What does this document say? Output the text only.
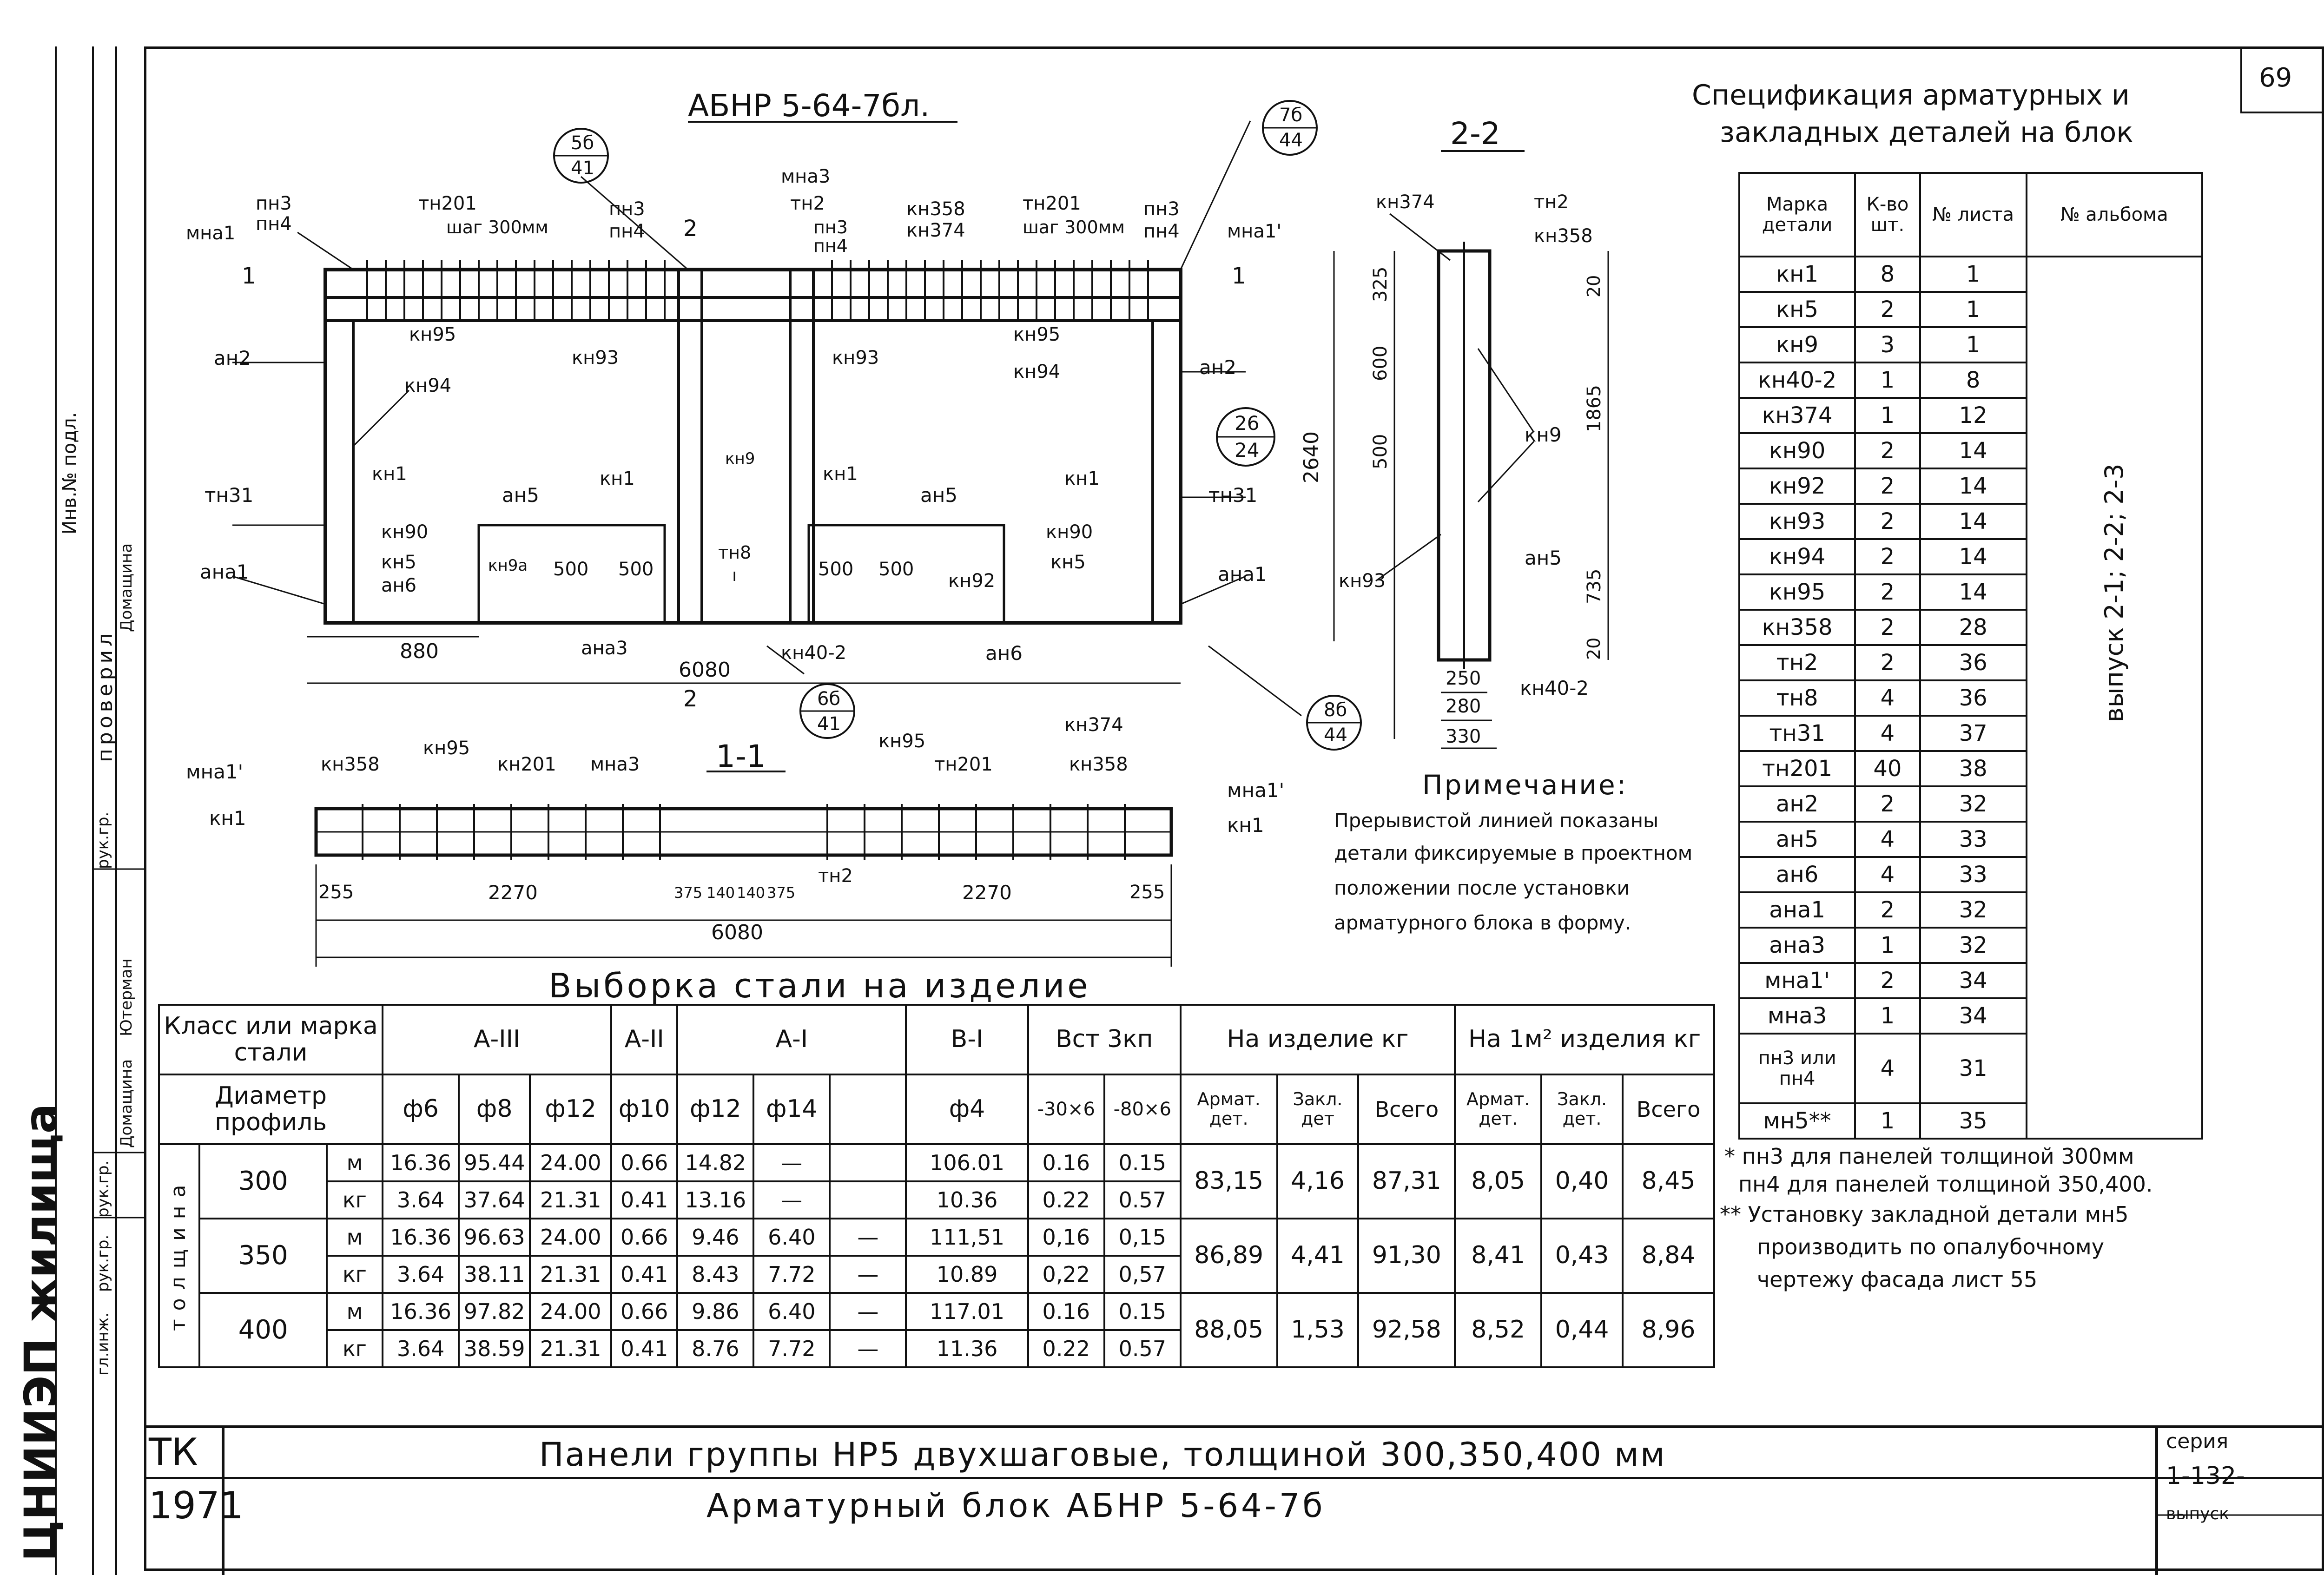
69
АБНР 5-64-7бл.
5б
41
7б
44
26
24
6б
41
8б
44
пн3
пн4
мна1
тн201
шаг 300мм
пн3
пн4
мна3
тн2
пн3
пн4
кн358
кн374
тн201
шаг 300мм
пн3
пн4	мна1'
1	1
2
2
кн95	кн95
ан2	ан2
кн94
кн94
кн93	кн93
кн1	кн1
кн9
кн1	кн1
тн31	тн31
ан5	ан5
кн90	кн90
кн5
ан6
кн5
кн9а 500 500
тн8
500 500
кн92
ана1	ана1
ана3	кн40-2	ан6
880
6080
2640
2-2
кн374	тн2
кн358
кн9
кн93
ан5
кн40-2
325
600
500
20
1865
735
20
250
280
330
1-1
мна1'
кн1
кн358
кн95
кн201 мна3
кн95
тн201
кн374
кн358
мна1'
кн1
тн2
255	2270	375 140 140 375	2270	255
6080
Примечание:
Прерывистой линией показаны
детали фиксируемые в проектном
положении после установки
арматурного блока в форму.
Спецификация арматурных и
закладных деталей на блок
Марка детали	К-во шт.	№ листа	№ альбома
кн1	8	1	выпуск 2-1; 2-2; 2-3

кн5	2	1	
кн9	3	1	
кн40-2	1	8	
кн374	1	12	
кн90	2	14	
кн92	2	14	
кн93	2	14	
кн94	2	14	
кн95	2	14	
кн358	2	28	
тн2	2	36	
тн8	4	36	
тн31	4	37	
тн201	40	38	
ан2	2	32	
ан5	4	33	
ан6	4	33	
ана1	2	32	
ана3	1	32	
мна1'	2	34	
мна3	1	34	
пн3 или пн4	4	31	
мн5**	1	35	
Выборка стали на изделие
Класс или марка стали			А-III			А-II	А-I			В-I	Вст 3кп		На изделие кг			На 1м² изделия кг		
Диаметр профиль			ф6	ф8	ф12	ф10	ф12	ф14		ф4	-30×6	-80×6	Армат. дет.	Закл. дет	Всего	Армат. дет.	Закл. дет.	Всего

толщина	300	м	16.36	95.44	24.00	0.66	14.82	—		106.01	0.16	0.15	83,15	4,16	87,31	8,05	0,40	8,45
		кг	3.64	37.64	21.31	0.41	13.16	—		10.36	0.22	0.57						
	350	м	16.36	96.63	24.00	0.66	9.46	6.40	—	111,51	0,16	0,15	86,89	4,41	91,30	8,41	0,43	8,84
		кг	3.64	38.11	21.31	0.41	8.43	7.72	—	10.89	0,22	0,57						
	400	м	16.36	97.82	24.00	0.66	9.86	6.40	—	117.01	0.16	0.15	88,05	1,53	92,58	8,52	0,44	8,96
		кг	3.64	38.59	21.31	0.41	8.76	7.72	—	11.36	0.22	0.57						
* пн3 для панелей толщиной 300мм
пн4 для панелей толщиной 350,400.
** Установку закладной детали мн5
производить по опалубочному
чертежу фасада лист 55
ТК
1971
Панели группы НР5 двухшаговые, толщиной 300,350,400 мм
Арматурный блок АБНР 5-64-7б
серия
1-132-
выпуск
ЦНИИЭП жилища
Инв.№ подл.
гл.инж.
рук.гр.
рук.гр.
рук.гр.
проверил
Ютерман
Домащина
Домащина
